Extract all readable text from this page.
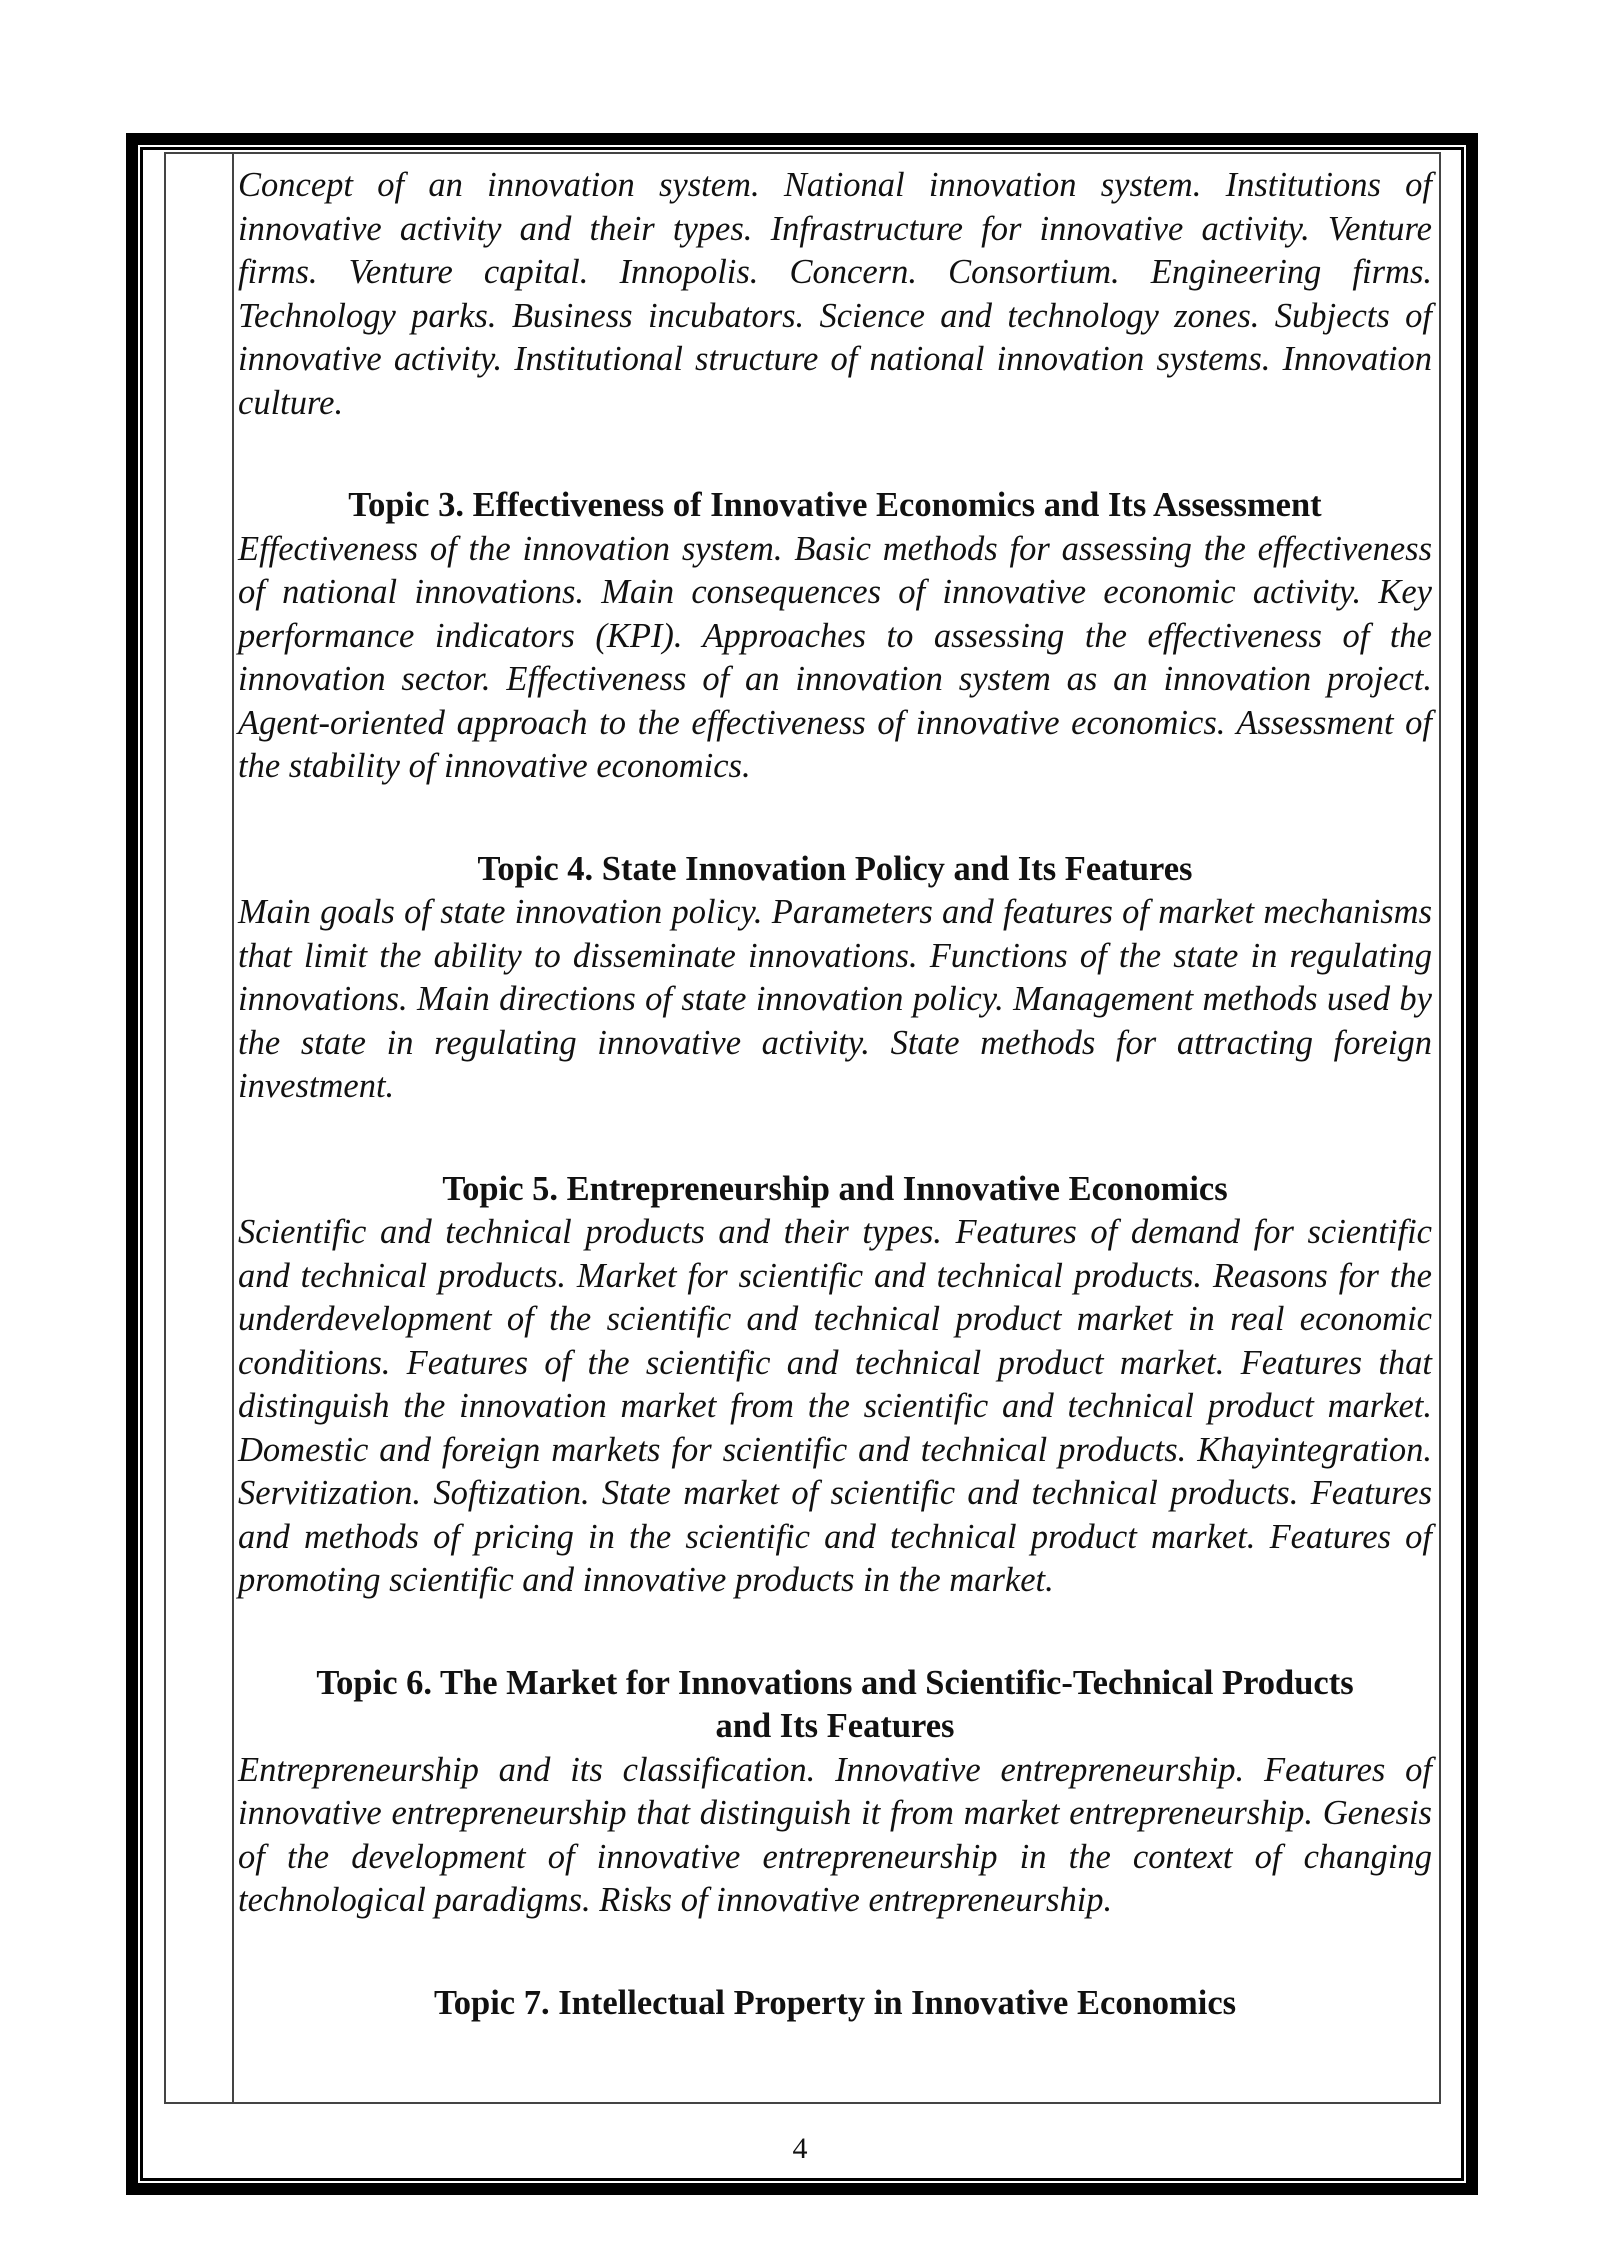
Concept of an innovation system. National innovation system. Institutions of innovative activity and their types. Infrastructure for innovative activity. Venture firms. Venture capital. Innopolis. Concern. Consortium. Engineering firms. Technology parks. Business incubators. Science and technology zones. Subjects of innovative activity. Institutional structure of national innovation systems. Innovation culture.

Topic 3. Effectiveness of Innovative Economics and Its Assessment

Effectiveness of the innovation system. Basic methods for assessing the effectiveness of national innovations. Main consequences of innovative economic activity. Key performance indicators (KPI). Approaches to assessing the effectiveness of the innovation sector. Effectiveness of an innovation system as an innovation project. Agent-oriented approach to the effectiveness of innovative economics. Assessment of the stability of innovative economics.

Topic 4. State Innovation Policy and Its Features

Main goals of state innovation policy. Parameters and features of market mechanisms that limit the ability to disseminate innovations. Functions of the state in regulating innovations. Main directions of state innovation policy. Management methods used by the state in regulating innovative activity. State methods for attracting foreign investment.

Topic 5. Entrepreneurship and Innovative Economics

Scientific and technical products and their types. Features of demand for scientific and technical products. Market for scientific and technical products. Reasons for the underdevelopment of the scientific and technical product market in real economic conditions. Features of the scientific and technical product market. Features that distinguish the innovation market from the scientific and technical product market. Domestic and foreign markets for scientific and technical products. Khayintegration. Servitization. Softization. State market of scientific and technical products. Features and methods of pricing in the scientific and technical product market. Features of promoting scientific and innovative products in the market.

Topic 6. The Market for Innovations and Scientific-Technical Products
and Its Features

Entrepreneurship and its classification. Innovative entrepreneurship. Features of innovative entrepreneurship that distinguish it from market entrepreneurship. Genesis of the development of innovative entrepreneurship in the context of changing technological paradigms. Risks of innovative entrepreneurship.

Topic 7. Intellectual Property in Innovative Economics

4
